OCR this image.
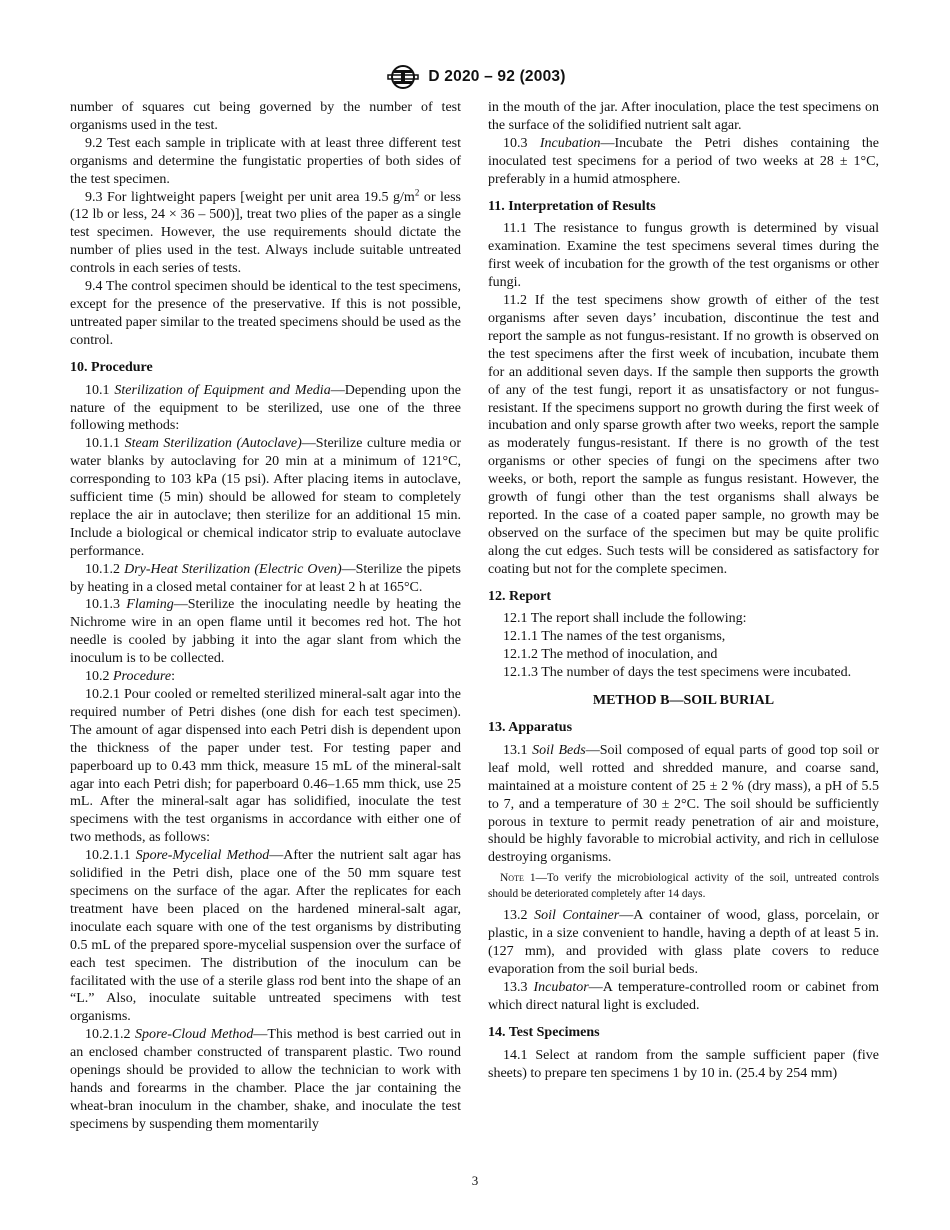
D 2020 – 92 (2003)

number of squares cut being governed by the number of test organisms used in the test.

9.2 Test each sample in triplicate with at least three different test organisms and determine the fungistatic properties of both sides of the test specimen.

9.3 For lightweight papers [weight per unit area 19.5 $g/m^2$ or less (12 lb or less, 24 × 36 – 500)], treat two plies of the paper as a single test specimen. However, the use requirements should dictate the number of plies used in the test. Always include suitable untreated controls in each series of tests.

9.4 The control specimen should be identical to the test specimens, except for the presence of the preservative. If this is not possible, untreated paper similar to the treated specimens should be used as the control.

10. Procedure

10.1 Sterilization of Equipment and Media—Depending upon the nature of the equipment to be sterilized, use one of the three following methods:

10.1.1 Steam Sterilization (Autoclave)—Sterilize culture media or water blanks by autoclaving for 20 min at a minimum of 121°C, corresponding to 103 kPa (15 psi). After placing items in autoclave, sufficient time (5 min) should be allowed for steam to completely replace the air in autoclave; then sterilize for an additional 15 min. Include a biological or chemical indicator strip to evaluate autoclave performance.

10.1.2 Dry-Heat Sterilization (Electric Oven)—Sterilize the pipets by heating in a closed metal container for at least 2 h at 165°C.

10.1.3 Flaming—Sterilize the inoculating needle by heating the Nichrome wire in an open flame until it becomes red hot. The hot needle is cooled by jabbing it into the agar slant from which the inoculum is to be collected.

10.2 Procedure:

10.2.1 Pour cooled or remelted sterilized mineral-salt agar into the required number of Petri dishes (one dish for each test specimen). The amount of agar dispensed into each Petri dish is dependent upon the thickness of the paper under test. For testing paper and paperboard up to 0.43 mm thick, measure 15 mL of the mineral-salt agar into each Petri dish; for paperboard 0.46–1.65 mm thick, use 25 mL. After the mineral-salt agar has solidified, inoculate the test specimens with the test organisms in accordance with either one of two methods, as follows:

10.2.1.1 Spore-Mycelial Method—After the nutrient salt agar has solidified in the Petri dish, place one of the 50 mm square test specimens on the surface of the agar. After the replicates for each treatment have been placed on the hardened mineral-salt agar, inoculate each square with one of the test organisms by distributing 0.5 mL of the prepared spore-mycelial suspension over the surface of each test specimen. The distribution of the inoculum can be facilitated with the use of a sterile glass rod bent into the shape of an “L.” Also, inoculate suitable untreated specimens with test organisms.

10.2.1.2 Spore-Cloud Method—This method is best carried out in an enclosed chamber constructed of transparent plastic. Two round openings should be provided to allow the technician to work with hands and forearms in the chamber. Place the jar containing the wheat-bran inoculum in the chamber, shake, and inoculate the test specimens by suspending them momentarily

in the mouth of the jar. After inoculation, place the test specimens on the surface of the solidified nutrient salt agar.

10.3 Incubation—Incubate the Petri dishes containing the inoculated test specimens for a period of two weeks at 28 ± 1°C, preferably in a humid atmosphere.

11. Interpretation of Results

11.1 The resistance to fungus growth is determined by visual examination. Examine the test specimens several times during the first week of incubation for the growth of the test organisms or other fungi.

11.2 If the test specimens show growth of either of the test organisms after seven days’ incubation, discontinue the test and report the sample as not fungus-resistant. If no growth is observed on the test specimens after the first week of incubation, incubate them for an additional seven days. If the sample then supports the growth of any of the test fungi, report it as unsatisfactory or not fungus-resistant. If the specimens support no growth during the first week of incubation and only sparse growth after two weeks, report the sample as moderately fungus-resistant. If there is no growth of the test organisms or other species of fungi on the specimens after two weeks, or both, report the sample as fungus resistant. However, the growth of fungi other than the test organisms shall always be reported. In the case of a coated paper sample, no growth may be observed on the surface of the specimen but may be quite prolific along the cut edges. Such tests will be considered as satisfactory for coating but not for the complete specimen.

12. Report

12.1 The report shall include the following:

12.1.1 The names of the test organisms,

12.1.2 The method of inoculation, and

12.1.3 The number of days the test specimens were incubated.

METHOD B—SOIL BURIAL
13. Apparatus

13.1 Soil Beds—Soil composed of equal parts of good top soil or leaf mold, well rotted and shredded manure, and coarse sand, maintained at a moisture content of 25 ± 2 % (dry mass), a pH of 5.5 to 7, and a temperature of 30 ± 2°C. The soil should be sufficiently porous in texture to permit ready penetration of air and moisture, should be highly favorable to microbial activity, and rich in cellulose destroying organisms.

Note 1—To verify the microbiological activity of the soil, untreated controls should be deteriorated completely after 14 days.

13.2 Soil Container—A container of wood, glass, porcelain, or plastic, in a size convenient to handle, having a depth of at least 5 in. (127 mm), and provided with glass plate covers to reduce evaporation from the soil burial beds.

13.3 Incubator—A temperature-controlled room or cabinet from which direct natural light is excluded.

14. Test Specimens

14.1 Select at random from the sample sufficient paper (five sheets) to prepare ten specimens 1 by 10 in. (25.4 by 254 mm)

3
